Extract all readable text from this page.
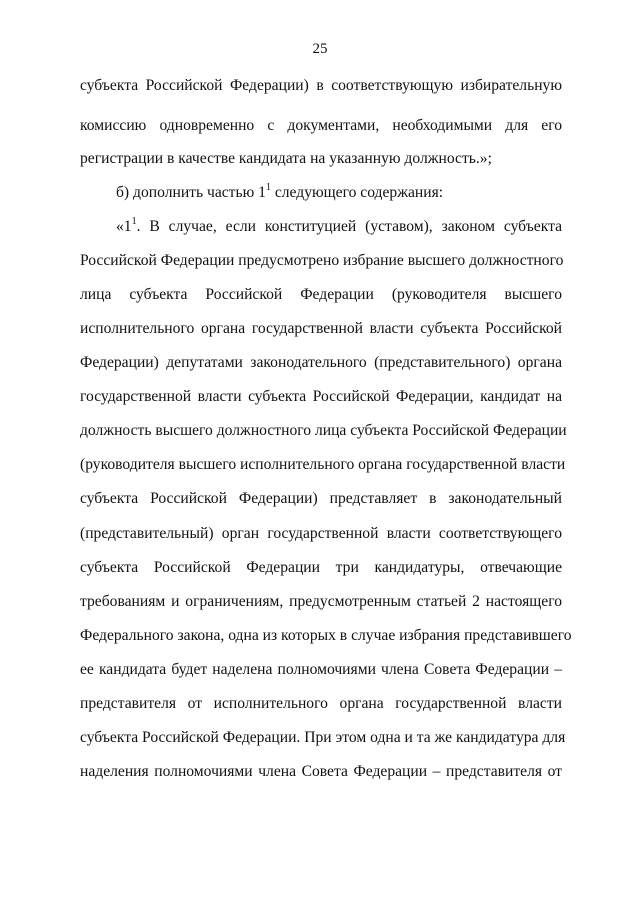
25
субъекта Российской Федерации) в соответствующую избирательную
комиссию одновременно с документами, необходимыми для его
регистрации в качестве кандидата на указанную должность.»;
б) дополнить частью $1^1$ следующего содержания:
«$1^1$. В случае, если конституцией (уставом), законом субъекта
Российской Федерации предусмотрено избрание высшего должностного
лица субъекта Российской Федерации (руководителя высшего
исполнительного органа государственной власти субъекта Российской
Федерации) депутатами законодательного (представительного) органа
государственной власти субъекта Российской Федерации, кандидат на
должность высшего должностного лица субъекта Российской Федерации
(руководителя высшего исполнительного органа государственной власти
субъекта Российской Федерации) представляет в законодательный
(представительный) орган государственной власти соответствующего
субъекта Российской Федерации три кандидатуры, отвечающие
требованиям и ограничениям, предусмотренным статьей 2 настоящего
Федерального закона, одна из которых в случае избрания представившего
ее кандидата будет наделена полномочиями члена Совета Федерации –
представителя от исполнительного органа государственной власти
субъекта Российской Федерации. При этом одна и та же кандидатура для
наделения полномочиями члена Совета Федерации – представителя от
